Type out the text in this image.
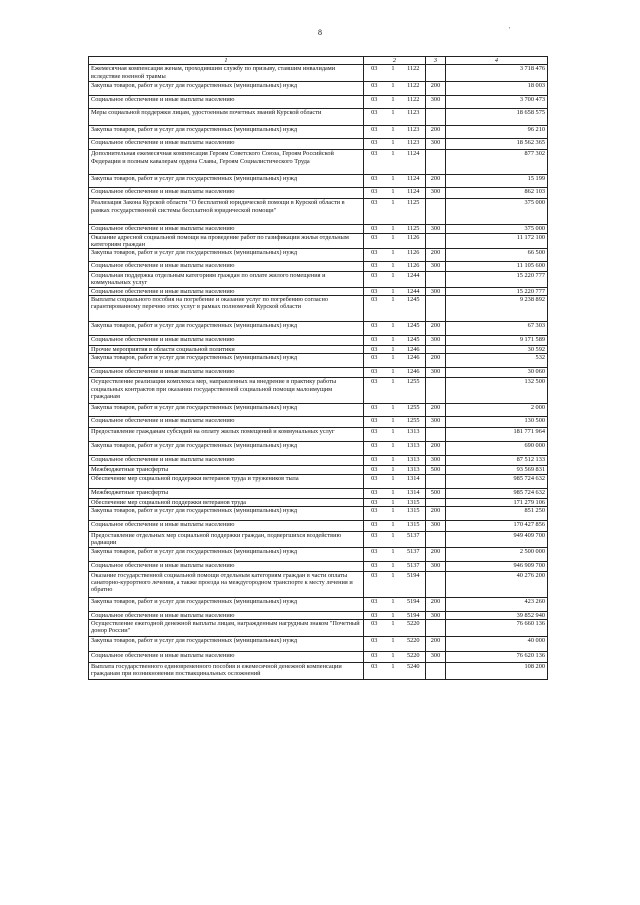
8	'
1	2			3	4
Ежемесячная компенсация женам, проходившим службу по призыву, ставшим инвалидами вследствие военной травмы	03	1	1122		3 718 476
Закупка товаров, работ и услуг для государственных (муниципальных) нужд	03	1	1122	200	18 003
Социальное обеспечение и иные выплаты населению	03	1	1122	300	3 700 473
Меры социальной поддержки лицам, удостоенным почетных званий Курской области	03	1	1123		18 658 575
Закупка товаров, работ и услуг для государственных (муниципальных) нужд	03	1	1123	200	96 210
Социальное обеспечение и иные выплаты населению	03	1	1123	300	18 562 365
Дополнительная ежемесячная компенсация Героям Советского Союза, Героям Российской Федерации и полным кавалерам ордена Славы, Героям Социалистического Труда	03	1	1124		877 302
Закупка товаров, работ и услуг для государственных (муниципальных) нужд	03	1	1124	200	15 199
Социальное обеспечение и иные выплаты населению	03	1	1124	300	862 103
Реализация Закона Курской области "О бесплатной юридической помощи в Курской области в рамках государственной системы бесплатной юридической помощи"	03	1	1125		375 000
Социальное обеспечение и иные выплаты населению	03	1	1125	300	375 000
Оказание адресной социальной помощи на проведение работ по газификации жилья отдельным категориям граждан	03	1	1126		11 172 100
Закупка товаров, работ и услуг для государственных (муниципальных) нужд	03	1	1126	200	66 500
Социальное обеспечение и иные выплаты населению	03	1	1126	300	11 105 600
Социальная поддержка отдельным категориям граждан по оплате жилого помещения и коммунальных услуг	03	1	1244		15 220 777
Социальное обеспечение и иные выплаты населению	03	1	1244	300	15 220 777
Выплаты социального пособия на погребение и оказание услуг по погребению согласно гарантированному перечню этих услуг в рамках полномочий Курской области	03	1	1245		9 238 892
Закупка товаров, работ и услуг для государственных (муниципальных) нужд	03	1	1245	200	67 303
Социальное обеспечение и иные выплаты населению	03	1	1245	300	9 171 589
Прочие мероприятия в области социальной политики	03	1	1246		30 592
Закупка товаров, работ и услуг для государственных (муниципальных) нужд	03	1	1246	200	532
Социальное обеспечение и иные выплаты населению	03	1	1246	300	30 060
Осуществление реализации комплекса мер, направленных на внедрение в практику работы социальных контрактов при оказании государственной социальной помощи малоимущим гражданам	03	1	1255		132 500
Закупка товаров, работ и услуг для государственных (муниципальных) нужд	03	1	1255	200	2 000
Социальное обеспечение и иные выплаты населению	03	1	1255	300	130 500
Предоставление гражданам субсидий на оплату жилых помещений и коммунальных услуг	03	1	1313		181 771 964
Закупка товаров, работ и услуг для государственных (муниципальных) нужд	03	1	1313	200	690 000
Социальное обеспечение и иные выплаты населению	03	1	1313	300	87 512 133
Межбюджетные трансферты	03	1	1313	500	93 569 831
Обеспечение мер социальной поддержки ветеранов труда и тружеников тыла	03	1	1314		985 724 632
Межбюджетные трансферты	03	1	1314	500	985 724 632
Обеспечение мер социальной поддержки ветеранов труда	03	1	1315		171 279 106
Закупка товаров, работ и услуг для государственных (муниципальных) нужд	03	1	1315	200	851 250
Социальное обеспечение и иные выплаты населению	03	1	1315	300	170 427 856
Предоставление отдельных мер социальной поддержки граждан, подвергшихся воздействию радиации	03	1	5137		949 409 700
Закупка товаров, работ и услуг для государственных (муниципальных) нужд	03	1	5137	200	2 500 000
Социальное обеспечение и иные выплаты населению	03	1	5137	300	946 909 700
Оказание государственной социальной помощи отдельным категориям граждан в части оплаты санаторно-курортного лечения, а также проезда на междугородном транспорте к месту лечения и обратно	03	1	5194		40 276 200
Закупка товаров, работ и услуг для государственных (муниципальных) нужд	03	1	5194	200	423 260
Социальное обеспечение и иные выплаты населению	03	1	5194	300	39 852 940
Осуществление ежегодной денежной выплаты лицам, награжденным нагрудным знаком "Почетный донор России"	03	1	5220		76 660 136
Закупка товаров, работ и услуг для государственных (муниципальных) нужд	03	1	5220	200	40 000
Социальное обеспечение и иные выплаты населению	03	1	5220	300	76 620 136
Выплата государственного единовременного пособия и ежемесячной денежной компенсации гражданам при возникновении поствакцинальных осложнений	03	1	5240		108 200
